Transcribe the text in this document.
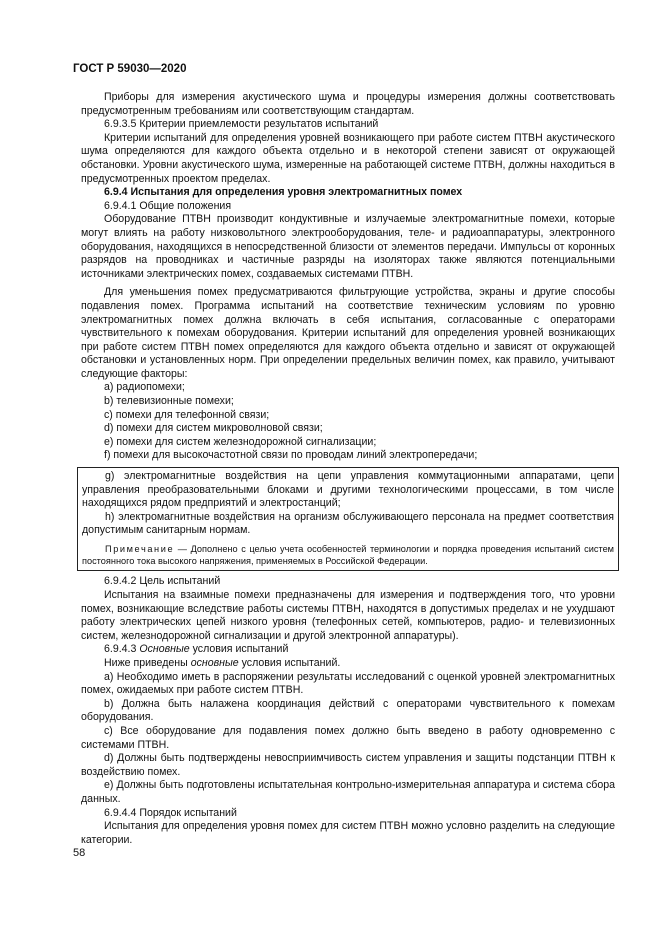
ГОСТ Р 59030—2020

Приборы для измерения акустического шума и процедуры измерения должны соответствовать предусмотренным требованиям или соответствующим стандартам.

6.9.3.5 Критерии приемлемости результатов испытаний

Критерии испытаний для определения уровней возникающего при работе систем ПТВН акустического шума определяются для каждого объекта отдельно и в некоторой степени зависят от окружающей обстановки. Уровни акустического шума, измеренные на работающей системе ПТВН, должны находиться в предусмотренных проектом пределах.

6.9.4 Испытания для определения уровня электромагнитных помех

6.9.4.1 Общие положения

Оборудование ПТВН производит кондуктивные и излучаемые электромагнитные помехи, которые могут влиять на работу низковольтного электрооборудования, теле- и радиоаппаратуры, электронного оборудования, находящихся в непосредственной близости от элементов передачи. Импульсы от коронных разрядов на проводниках и частичные разряды на изоляторах также являются потенциальными источниками электрических помех, создаваемых системами ПТВН.

Для уменьшения помех предусматриваются фильтрующие устройства, экраны и другие способы подавления помех. Программа испытаний на соответствие техническим условиям по уровню электромагнитных помех должна включать в себя испытания, согласованные с операторами чувствительного к помехам оборудования. Критерии испытаний для определения уровней возникающих при работе систем ПТВН помех определяются для каждого объекта отдельно и зависят от окружающей обстановки и установленных норм. При определении предельных величин помех, как правило, учитывают следующие факторы:

а) радиопомехи;

b) телевизионные помехи;

c) помехи для телефонной связи;

d) помехи для систем микроволновой связи;

e) помехи для систем железнодорожной сигнализации;

f) помехи для высокочастотной связи по проводам линий электропередачи;

g) электромагнитные воздействия на цепи управления коммутационными аппаратами, цепи управления преобразовательными блоками и другими технологическими процессами, в том числе находящихся рядом предприятий и электростанций;

h) электромагнитные воздействия на организм обслуживающего персонала на предмет соответствия допустимым санитарным нормам.

Примечание — Дополнено с целью учета особенностей терминологии и порядка проведения испытаний систем постоянного тока высокого напряжения, применяемых в Российской Федерации.

6.9.4.2 Цель испытаний

Испытания на взаимные помехи предназначены для измерения и подтверждения того, что уровни помех, возникающие вследствие работы системы ПТВН, находятся в допустимых пределах и не ухудшают работу электрических цепей низкого уровня (телефонных сетей, компьютеров, радио- и телевизионных систем, железнодорожной сигнализации и другой электронной аппаратуры).

6.9.4.3 Основные условия испытаний

Ниже приведены основные условия испытаний.

a) Необходимо иметь в распоряжении результаты исследований с оценкой уровней электромагнитных помех, ожидаемых при работе систем ПТВН.

b) Должна быть налажена координация действий с операторами чувствительного к помехам оборудования.

c) Все оборудование для подавления помех должно быть введено в работу одновременно с системами ПТВН.

d) Должны быть подтверждены невосприимчивость систем управления и защиты подстанции ПТВН к воздействию помех.

e) Должны быть подготовлены испытательная контрольно-измерительная аппаратура и система сбора данных.

6.9.4.4 Порядок испытаний

Испытания для определения уровня помех для систем ПТВН можно условно разделить на следующие категории.

58
